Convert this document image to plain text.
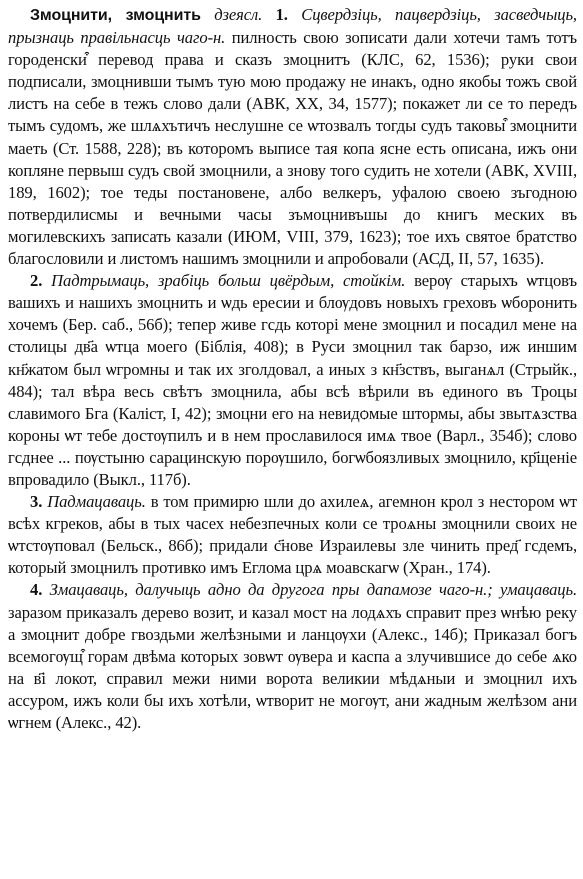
Змоцнити, змоцнить дзеясл. 1. Сцвердзіць, пацвердзіць, засведчыць, прызнаць правільнасць чаго-н. пилность свою зописати дали хотечи тамъ тотъ городенски͒ перевод права и сказъ змоцнитъ (КЛС, 62, 1536); руки свои подписали, змоцнивши тымъ тую мою продажу не инакъ, одно якобы тожъ свой листъ на себе в тежъ слово дали (АВК, XX, 34, 1577); покажет ли се то передъ тымъ судомъ, же шлѧхътичъ неслушне се ѡтозвалъ тогды судъ таковы͒ змоцнити маеть (Ст. 1588, 228); въ которомъ выписе тая копа ясне есть описана, ижъ они копляне первыш судъ свой змоцнили, а знову того судить не хотели (АВК, XVIII, 189, 1602); тое теды постановене, албо велкеръ, уфалою своею зъгодною потвердилисмы и вечными часы зъмоцнивъшы до книгъ меских въ могилевскихъ записать казали (ИЮМ, VIII, 379, 1623); тое ихъ святое братство благословили и листомъ нашимъ змоцнили и апробовали (АСД, II, 57, 1635).

2. Падтрымаць, зрабіць больш цвёрдым, стойкім. верѹ старыхъ ѡтцовъ вашихъ и нашихъ змоцнить и ѡдь ересии и блѹдовъ новыхъ греховъ ѡборонить хочемъ (Бер. саб., 56б); тепер живе гсдь которi мене змоцнил и посадил мене на столицы дв҃а ѡтца моего (Біблія, 408); в Руси змоцнил так барзо, иж иншим кн҃жатом был ѡгромны и так их зголдовал, а иных з кн҃зствъ, выганѧл (Стрыйк., 484); тал вѣра весь свѣтъ змоцнила, абы всѣ вѣрили въ единого въ Троцы славимого Бга (Каліст, I, 42); змоцни его на невидѻмые штормы, абы звытѧзства короны ѡт тебе достѹпилъ и в нем прославилося имѧ твое (Варл., 354б); слово гсднее ... пѹстыню сарацинскую порѹшило, богѡбоязливых змоцнило, кр҃щеніе впровадило (Выкл., 117б).

3. Падмацаваць. в том примирю шли до ахилеѧ, агемнон крол з нестором ѡт всѣх кгреков, абы в тых часех небезпечных коли се троѧны змоцнили своих не ѡтстѹповал (Бельск., 86б); придали с҃нове Израилевы зле чинить пред҃ гсдемъ, который змоцнилъ противко имъ Еглома црѧ моавскагѡ (Хран., 174).

4. Змацаваць, далучыць адно да другога пры дапамозе чаго-н.; умацаваць. заразом приказалъ дерево возит, и казал мост на лодѧхъ справит през ѡнѣю реку а змоцнит добре гвоздьми желѣзными и ланцѹхи (Алекс., 14б); Приказал богъ всемогѹщ͒ горам двѣма которых зовѡт ѹвера и каспа а злучившисе до себе ѧко на в҃і локот, справил межи ними ворота великии мѣдѧныи и змоцнил ихъ ассуром, ижъ коли бы ихъ хотѣли, ѡтворит не могѹт, ани жадным желѣзом ани ѡгнем (Алекс., 42).
